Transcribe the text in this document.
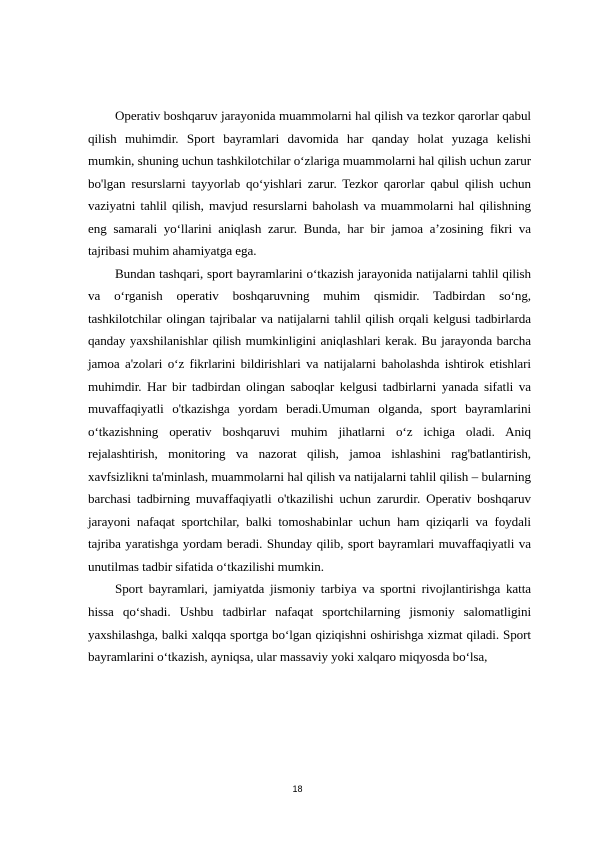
Operativ boshqaruv jarayonida muammolarni hal qilish va tezkor qarorlar qabul qilish muhimdir. Sport bayramlari davomida har qanday holat yuzaga kelishi mumkin, shuning uchun tashkilotchilar o‘zlariga muammolarni hal qilish uchun zarur bo'lgan resurslarni tayyorlab qo‘yishlari zarur. Tezkor qarorlar qabul qilish uchun vaziyatni tahlil qilish, mavjud resurslarni baholash va muammolarni hal qilishning eng samarali yo‘llarini aniqlash zarur. Bunda, har bir jamoa a’zosining fikri va tajribasi muhim ahamiyatga ega.

Bundan tashqari, sport bayramlarini o‘tkazish jarayonida natijalarni tahlil qilish va o‘rganish operativ boshqaruvning muhim qismidir. Tadbirdan so‘ng, tashkilotchilar olingan tajribalar va natijalarni tahlil qilish orqali kelgusi tadbirlarda qanday yaxshilanishlar qilish mumkinligini aniqlashlari kerak. Bu jarayonda barcha jamoa a'zolari o‘z fikrlarini bildirishlari va natijalarni baholashda ishtirok etishlari muhimdir. Har bir tadbirdan olingan saboqlar kelgusi tadbirlarni yanada sifatli va muvaffaqiyatli o'tkazishga yordam beradi.Umuman olganda, sport bayramlarini o‘tkazishning operativ boshqaruvi muhim jihatlarni o‘z ichiga oladi. Aniq rejalashtirish, monitoring va nazorat qilish, jamoa ishlashini rag'batlantirish, xavfsizlikni ta'minlash, muammolarni hal qilish va natijalarni tahlil qilish – bularning barchasi tadbirning muvaffaqiyatli o'tkazilishi uchun zarurdir. Operativ boshqaruv jarayoni nafaqat sportchilar, balki tomoshabinlar uchun ham qiziqarli va foydali tajriba yaratishga yordam beradi. Shunday qilib, sport bayramlari muvaffaqiyatli va unutilmas tadbir sifatida o‘tkazilishi mumkin.

Sport bayramlari, jamiyatda jismoniy tarbiya va sportni rivojlantirishga katta hissa qo‘shadi. Ushbu tadbirlar nafaqat sportchilarning jismoniy salomatligini yaxshilashga, balki xalqqa sportga bo‘lgan qiziqishni oshirishga xizmat qiladi. Sport bayramlarini o‘tkazish, ayniqsa, ular massaviy yoki xalqaro miqyosda bo‘lsa,

18
